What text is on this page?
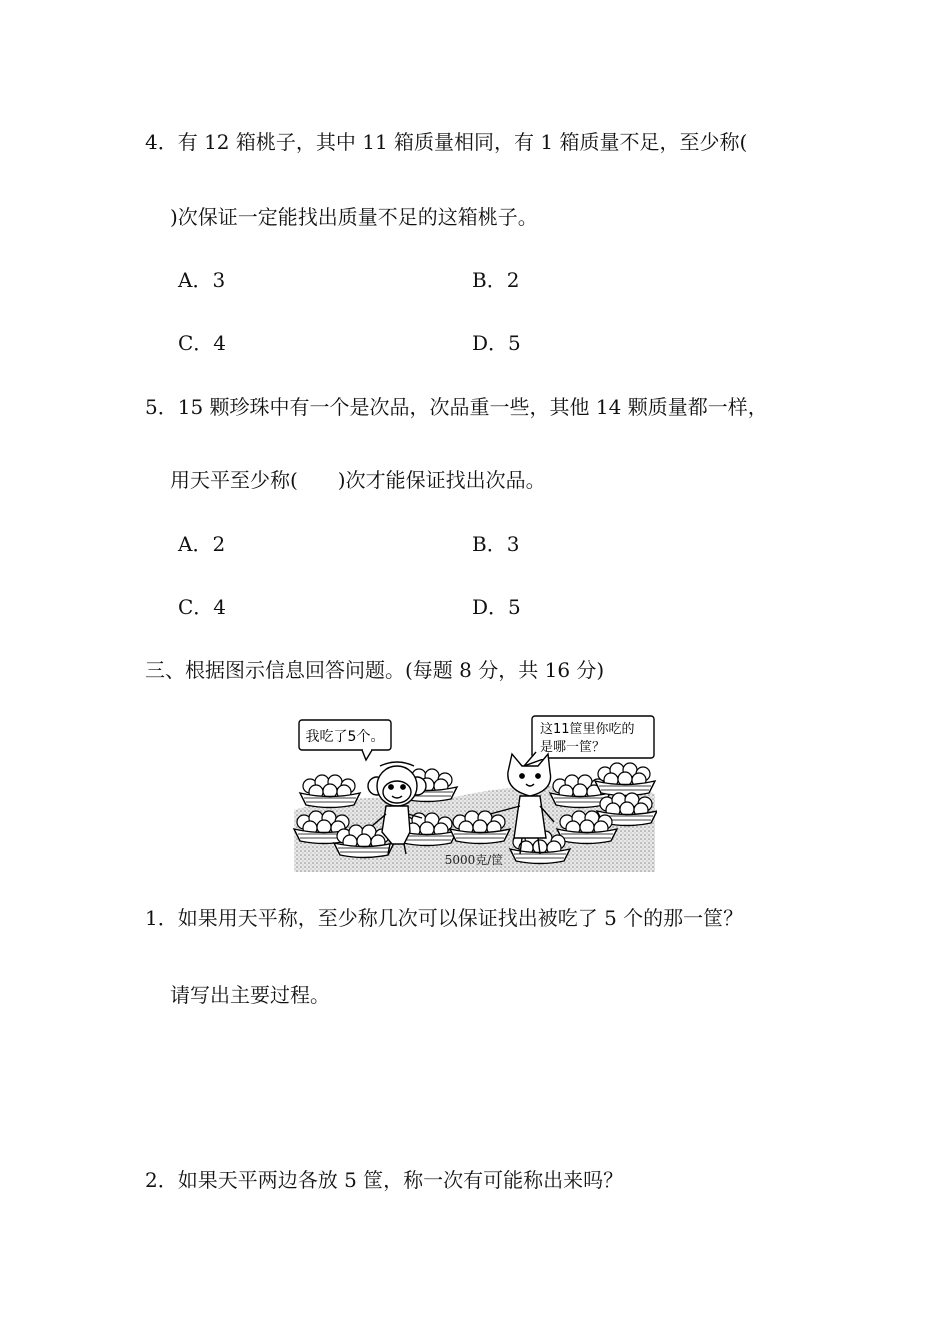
4．有 12 箱桃子，其中 11 箱质量相同，有 1 箱质量不足，至少称(
)次保证一定能找出质量不足的这箱桃子。
A．3	B．2
C．4	D．5
5．15 颗珍珠中有一个是次品，次品重一些，其他 14 颗质量都一样，
用天平至少称(　　)次才能保证找出次品。
A．2	B．3
C．4	D．5
三、根据图示信息回答问题。(每题 8 分，共 16 分)
我吃了5个。	这11筐里你吃的
是哪一筐？
5000克/筐
1．如果用天平称，至少称几次可以保证找出被吃了 5 个的那一筐？
请写出主要过程。
2．如果天平两边各放 5 筐，称一次有可能称出来吗？
